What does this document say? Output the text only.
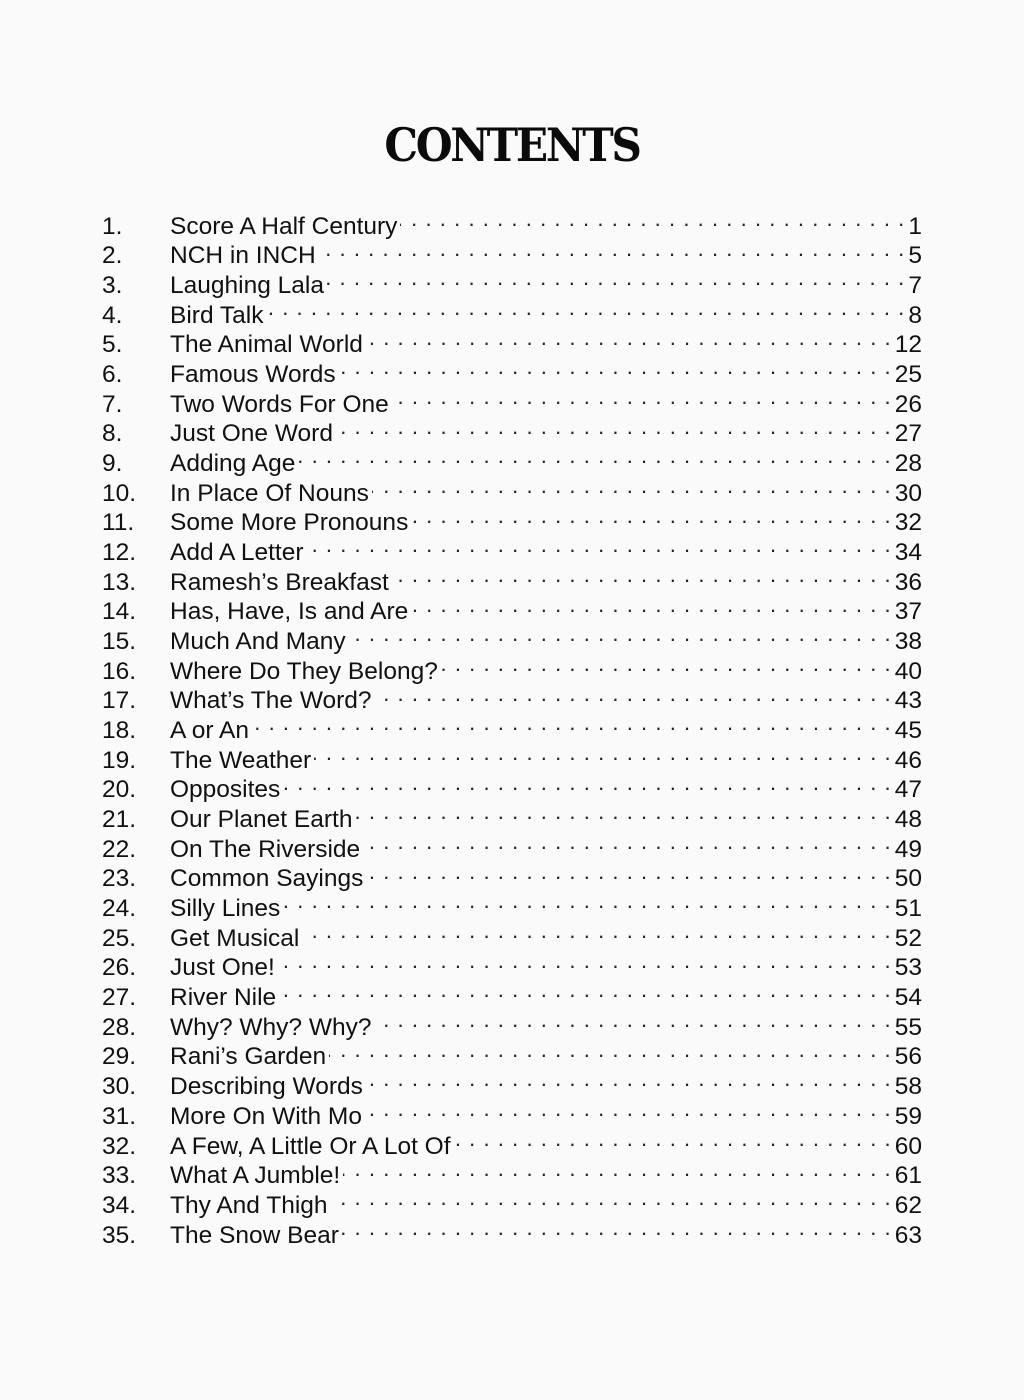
CONTENTS
1.	Score A Half Century . . .	1
2.	NCH in INCH . . .	5
3.	Laughing Lala . . .	7
4.	Bird Talk . . .	8
5.	The Animal World . . .	12
6.	Famous Words . . .	25
7.	Two Words For One . . .	26
8.	Just One Word . . .	27
9.	Adding Age . . .	28
10.	In Place Of Nouns . . .	30
11.	Some More Pronouns . . .	32
12.	Add A Letter . . .	34
13.	Ramesh’s Breakfast . . .	36
14.	Has, Have, Is and Are . . .	37
15.	Much And Many . . .	38
16.	Where Do They Belong? . . .	40
17.	What’s The Word? . . .	43
18.	A or An . . .	45
19.	The Weather . . .	46
20.	Opposites . . .	47
21.	Our Planet Earth . . .	48
22.	On The Riverside . . .	49
23.	Common Sayings . . .	50
24.	Silly Lines . . .	51
25.	Get Musical . . .	52
26.	Just One! . . .	53
27.	River Nile . . .	54
28.	Why? Why? Why? . . .	55
29.	Rani’s Garden . . .	56
30.	Describing Words . . .	58
31.	More On With Mo . . .	59
32.	A Few, A Little Or A Lot Of . . .	60
33.	What A Jumble! . . .	61
34.	Thy And Thigh . . .	62
35.	The Snow Bear . . .	63
